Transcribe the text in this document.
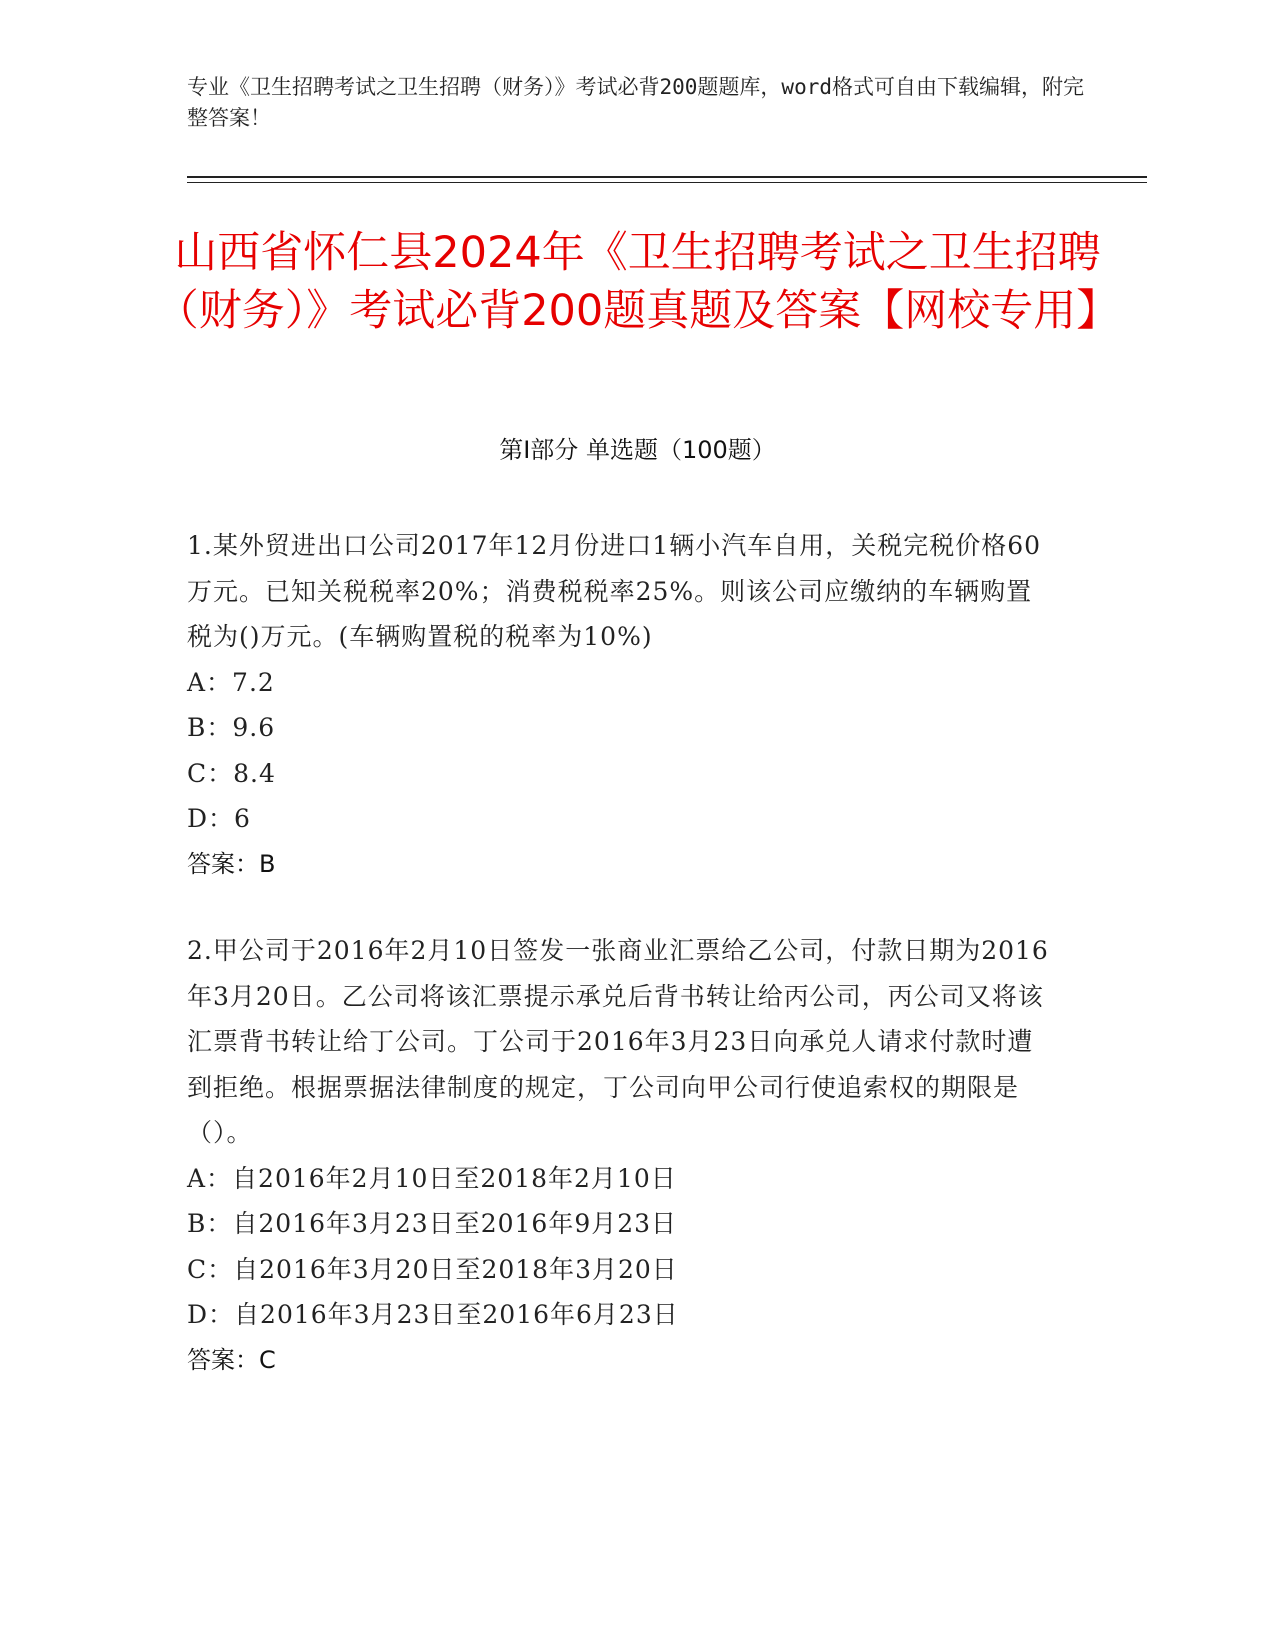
专业《卫生招聘考试之卫生招聘（财务）》考试必背200题题库，word格式可自由下载编辑，附完整答案！
山西省怀仁县2024年《卫生招聘考试之卫生招聘（财务）》考试必背200题真题及答案【网校专用】
第Ⅰ部分 单选题（100题）
1.某外贸进出口公司2017年12月份进口1辆小汽车自用，关税完税价格60万元。已知关税税率20%；消费税税率25%。则该公司应缴纳的车辆购置税为()万元。(车辆购置税的税率为10%)
A：7.2
B：9.6
C：8.4
D：6
答案：B
2.甲公司于2016年2月10日签发一张商业汇票给乙公司，付款日期为2016年3月20日。乙公司将该汇票提示承兑后背书转让给丙公司，丙公司又将该汇票背书转让给丁公司。丁公司于2016年3月23日向承兑人请求付款时遭到拒绝。根据票据法律制度的规定，丁公司向甲公司行使追索权的期限是（）。
A：自2016年2月10日至2018年2月10日
B：自2016年3月23日至2016年9月23日
C：自2016年3月20日至2018年3月20日
D：自2016年3月23日至2016年6月23日
答案：C
